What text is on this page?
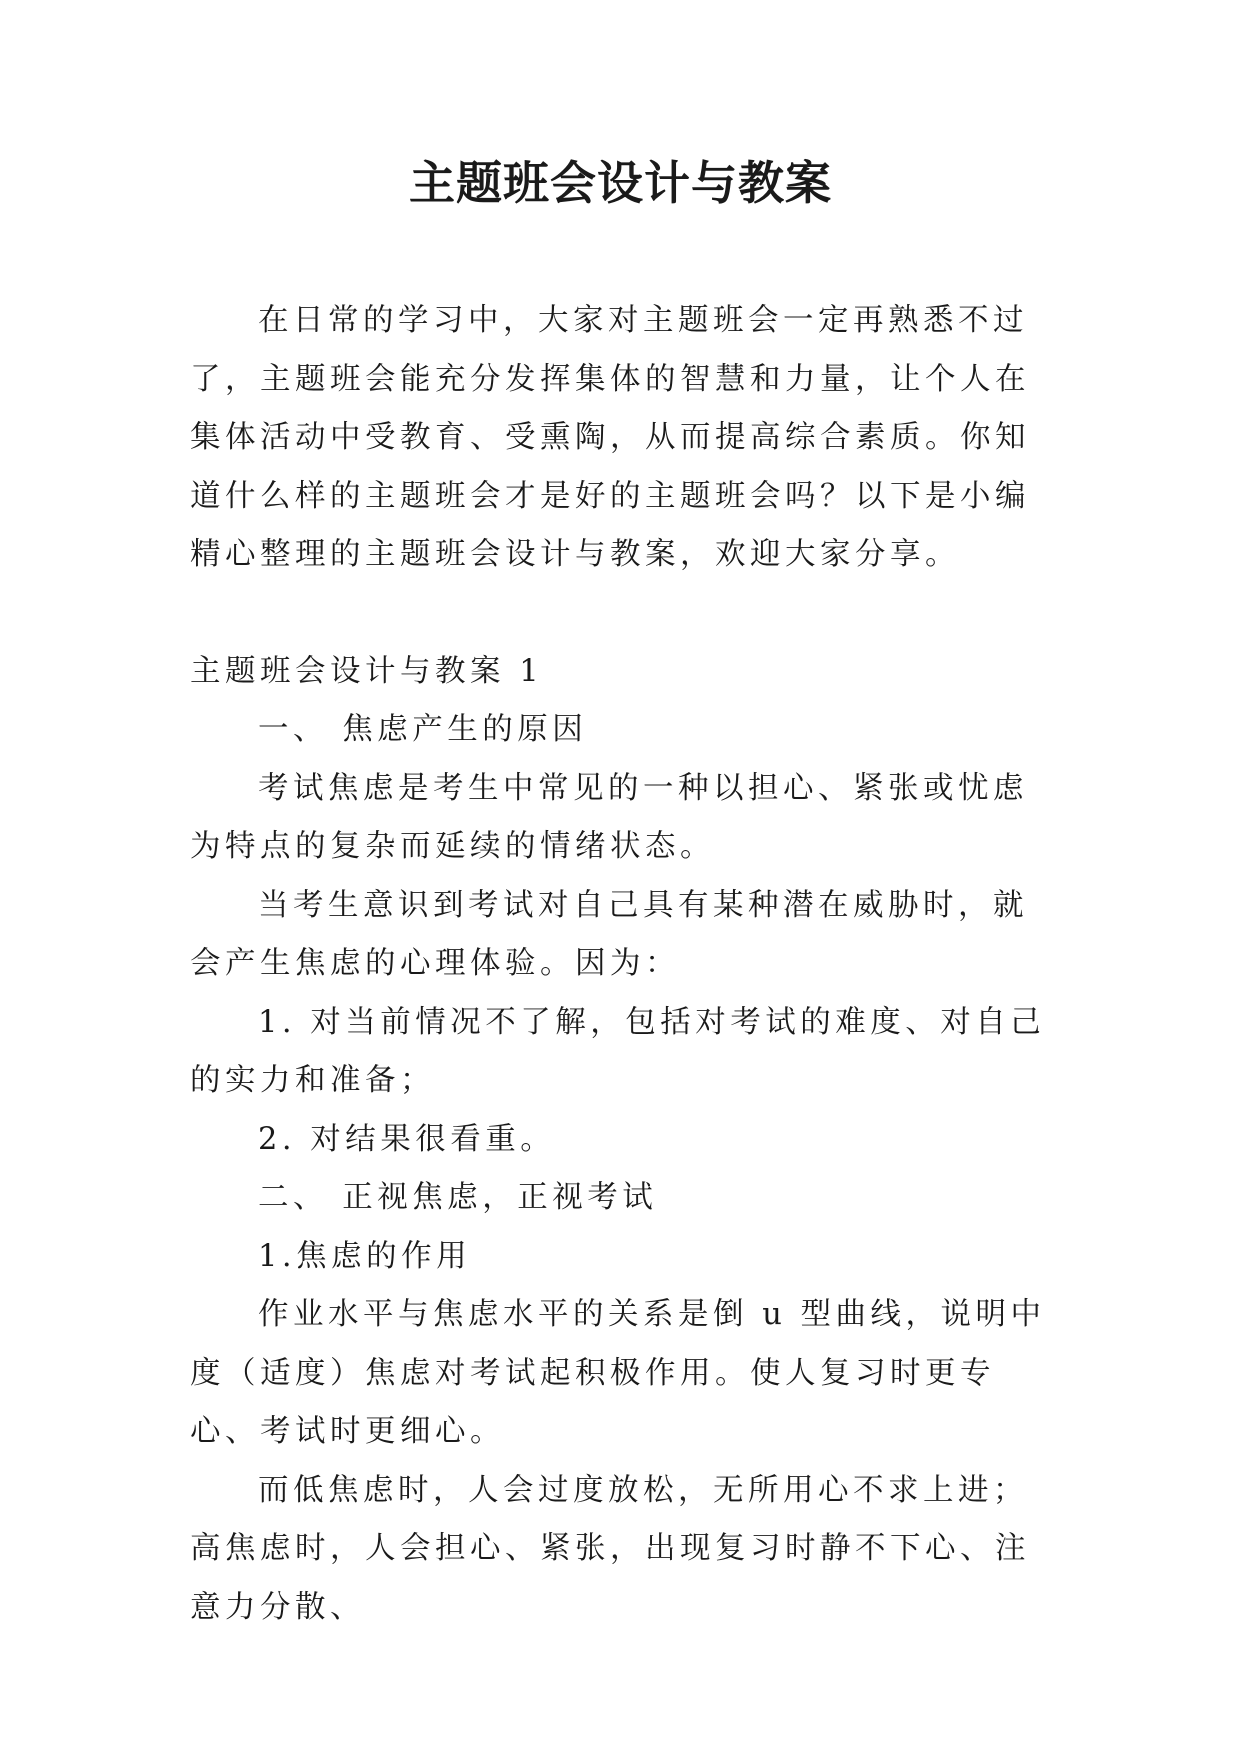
主题班会设计与教案

在日常的学习中，大家对主题班会一定再熟悉不过了，主题班会能充分发挥集体的智慧和力量，让个人在集体活动中受教育、受熏陶，从而提高综合素质。你知道什么样的主题班会才是好的主题班会吗？以下是小编精心整理的主题班会设计与教案，欢迎大家分享。

主题班会设计与教案 1

一、 焦虑产生的原因

考试焦虑是考生中常见的一种以担心、紧张或忧虑为特点的复杂而延续的情绪状态。

当考生意识到考试对自己具有某种潜在威胁时，就会产生焦虑的心理体验。因为：

1. 对当前情况不了解，包括对考试的难度、对自己的实力和准备；

2. 对结果很看重。

二、 正视焦虑，正视考试

1.焦虑的作用

作业水平与焦虑水平的关系是倒 u 型曲线，说明中度（适度）焦虑对考试起积极作用。使人复习时更专心、考试时更细心。

而低焦虑时，人会过度放松，无所用心不求上进；高焦虑时，人会担心、紧张，出现复习时静不下心、注意力分散、
